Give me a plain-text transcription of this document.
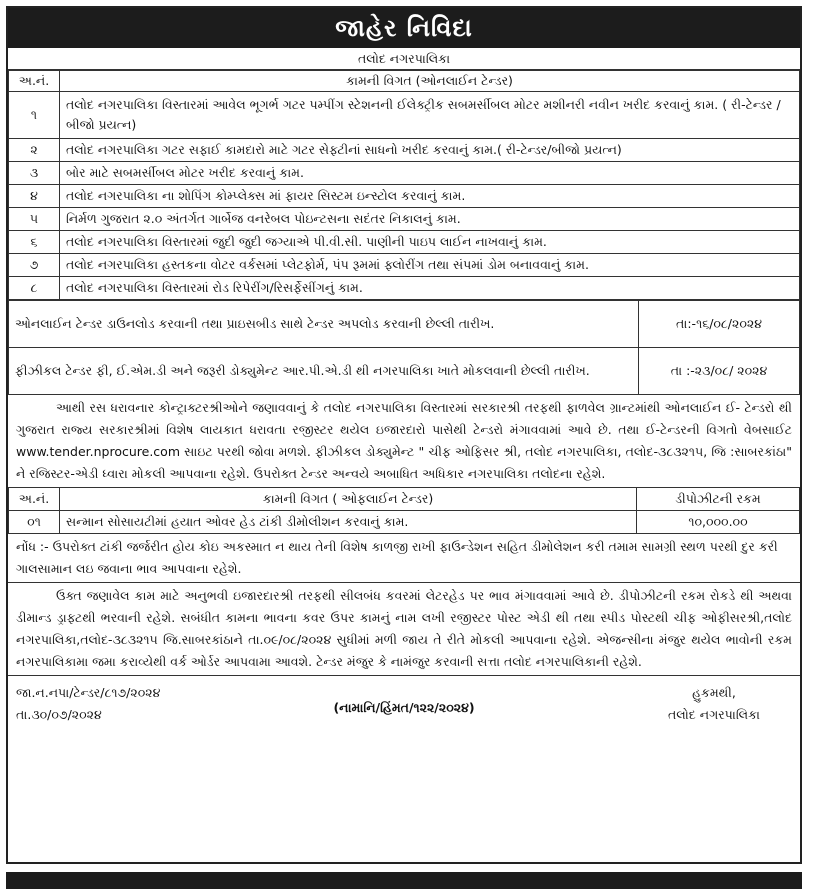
જાહેર નિવિદા
તલોદ નગરપાલિકા
અ.નં.	કામની વિગત (ઓનલાઈન ટેન્ડર)
૧	તલોદ નગરપાલિકા વિસ્તારમાં આવેલ ભૂગર્ભ ગટર પમ્પીંગ સ્ટેશનની ઈલેક્ટ્રીક સબમર્સીબલ મોટર મશીનરી નવીન ખરીદ કરવાનું કામ. ( રી-ટેન્ડર /બીજો પ્રયત્ન)
૨	તલોદ નગરપાલિકા ગટર સફાઈ કામદારો માટે ગટર સેફ્ટીનાં સાધનો ખરીદ કરવાનું કામ.( રી-ટેન્ડર/બીજો પ્રયત્ન)
૩	બોર માટે સબમર્સીબલ મોટર ખરીદ કરવાનું કામ.
૪	તલોદ નગરપાલિકા ના શોપિંગ કોમ્પ્લેક્સ માં ફાયર સિસ્ટમ ઇન્સ્ટોલ કરવાનું કામ.
૫	નિર્મળ ગુજરાત ૨.૦ અંતર્ગત ગાર્બેજ વનરેબલ પોઇન્ટસના સદંતર નિકાલનું કામ.
૬	તલોદ નગરપાલિકા વિસ્તારમાં જુદી જુદી જગ્યાએ પી.વી.સી. પાણીની પાઇપ લાઈન નાખવાનું કામ.
૭	તલોદ નગરપાલિકા હસ્તકના વોટર વર્કસમાં પ્લેટફોર્મ, પંપ રૂમમાં ફ્લોરીંગ તથા સંપમાં ડોમ બનાવવાનું કામ.
૮	તલોદ નગરપાલિકા વિસ્તારમાં રોડ રિપેરીંગ/રિસર્ફેસીંગનું કામ.
ઓનલાઈન ટેન્ડર ડાઉનલોડ કરવાની તથા પ્રાઇસબીડ સાથે ટેન્ડર અપલોડ કરવાની છેલ્લી તારીખ.	તા:-૧૬/૦૮/૨૦૨૪
ફીઝીકલ ટેન્ડર ફી, ઈ.એમ.ડી અને જરૂરી ડોક્યુમેન્ટ આર.પી.એ.ડી થી નગરપાલિકા ખાતે મોકલવાની છેલ્લી તારીખ.	તા :-૨૩/૦૮/ ૨૦૨૪
આથી રસ ધરાવનાર કોન્ટ્રાક્ટરશ્રીઓને જણાવવાનું કે તલોદ નગરપાલિકા વિસ્તારમાં સરકારશ્રી તરફથી ફાળવેલ ગ્રાન્ટમાંથી ઓનલાઈન ઈ- ટેન્ડરો થી ગુજરાત રાજ્ય સરકારશ્રીમાં વિશેષ લાયકાત ધરાવતા રજીસ્ટર થયેલ ઇજારદારો પાસેથી ટેન્ડરો મંગાવવામાં આવે છે. તથા ઈ-ટેન્ડરની વિગતો વેબસાઈટ www.tender.nprocure.com સાઇટ પરથી જોવા મળશે. ફીઝીકલ ડોક્યુમેન્ટ " ચીફ ઓફિસર શ્રી, તલોદ નગરપાલિકા, તલોદ-૩૮૩૨૧૫, જિ :સાબરકાંઠા" ને રજિસ્ટર-એડી ધ્વારા મોકલી આપવાના રહેશે. ઉપરોક્ત ટેન્ડર અન્વયે અબાધિત અધિકાર નગરપાલિકા તલોદના રહેશે.
અ.નં.	કામની વિગત ( ઓફલાઈન ટેન્ડર)	ડીપોઝીટની રકમ
૦૧	સન્માન સોસાયટીમાં હયાત ઓવર હેડ ટાંકી ડીમોલીશન કરવાનું કામ.	૧૦,૦૦૦.૦૦
નોંધ :- ઉપરોક્ત ટાંકી જર્જરીત હોય કોઇ અકસ્માત ન થાય તેની વિશેષ કાળજી રાખી ફાઉન્ડેશન સહિત ડીમોલેશન કરી તમામ સામગ્રી સ્થળ પરથી દુર કરી ગાલસામાન લઇ જવાના ભાવ આપવાના રહેશે.
ઉક્ત જણાવેલ કામ માટે અનુભવી ઇજારદારશ્રી તરફથી સીલબંધ કવરમાં લેટરહેડ પર ભાવ મંગાવવામાં આવે છે. ડીપોઝીટની રકમ રોકડે થી અથવા ડીમાન્ડ ડ્રાફ્ટથી ભરવાની રહેશે. સબંધીત કામના ભાવના કવર ઉપર કામનું નામ લખી રજીસ્ટર પોસ્ટ એડી થી તથા સ્પીડ પોસ્ટથી ચીફ ઓફીસરશ્રી,તલોદ નગરપાલિકા,તલોદ-૩૮૩૨૧૫ જિ.સાબરકાંઠાને તા.૦૯/૦૮/૨૦૨૪ સુધીમાં મળી જાય તે રીતે મોકલી આપવાના રહેશે. એજન્સીના મંજુર થયેલ ભાવોની રકમ નગરપાલિકામા જમા કરાવ્યેથી વર્ક ઓર્ડર આપવામા આવશે. ટેન્ડર મંજુર કે નામંજુર કરવાની સત્તા તલોદ નગરપાલિકાની રહેશે.
જા.ન.નપા/ટેન્ડર/૮૧૭/૨૦૨૪
તા.૩૦/૦૭/૨૦૨૪	(નામાનિ/હિંમત/૧૨૨/૨૦૨૪)
હુકમથી,
તલોદ નગરપાલિકા
